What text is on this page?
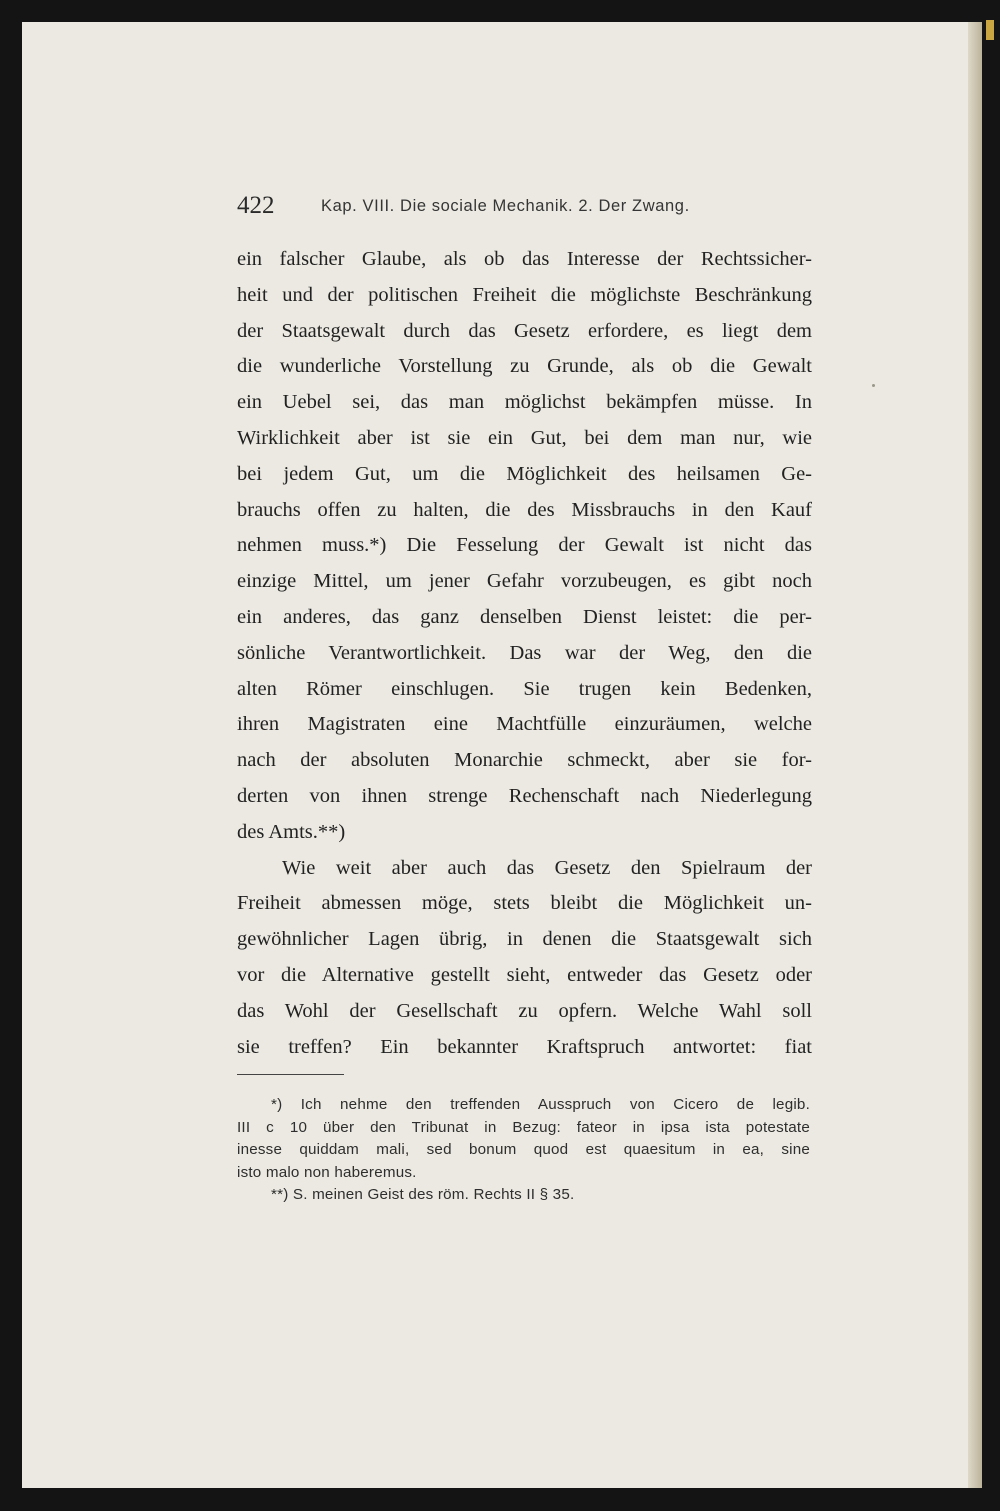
422	Kap. VIII. Die sociale Mechanik. 2. Der Zwang.
ein falscher Glaube, als ob das Interesse der Rechtssicher-
heit und der politischen Freiheit die möglichste Beschränkung
der Staatsgewalt durch das Gesetz erfordere, es liegt dem
die wunderliche Vorstellung zu Grunde, als ob die Gewalt
ein Uebel sei, das man möglichst bekämpfen müsse. In
Wirklichkeit aber ist sie ein Gut, bei dem man nur, wie
bei jedem Gut, um die Möglichkeit des heilsamen Ge-
brauchs offen zu halten, die des Missbrauchs in den Kauf
nehmen muss.*) Die Fesselung der Gewalt ist nicht das
einzige Mittel, um jener Gefahr vorzubeugen, es gibt noch
ein anderes, das ganz denselben Dienst leistet: die per-
sönliche Verantwortlichkeit. Das war der Weg, den die
alten Römer einschlugen. Sie trugen kein Bedenken,
ihren Magistraten eine Machtfülle einzuräumen, welche
nach der absoluten Monarchie schmeckt, aber sie for-
derten von ihnen strenge Rechenschaft nach Niederlegung
des Amts.**)
Wie weit aber auch das Gesetz den Spielraum der
Freiheit abmessen möge, stets bleibt die Möglichkeit un-
gewöhnlicher Lagen übrig, in denen die Staatsgewalt sich
vor die Alternative gestellt sieht, entweder das Gesetz oder
das Wohl der Gesellschaft zu opfern. Welche Wahl soll
sie treffen? Ein bekannter Kraftspruch antwortet: fiat
*) Ich nehme den treffenden Ausspruch von Cicero de legib.
III c 10 über den Tribunat in Bezug: fateor in ipsa ista potestate
inesse quiddam mali, sed bonum quod est quaesitum in ea, sine
isto malo non haberemus.
**) S. meinen Geist des röm. Rechts II § 35.
